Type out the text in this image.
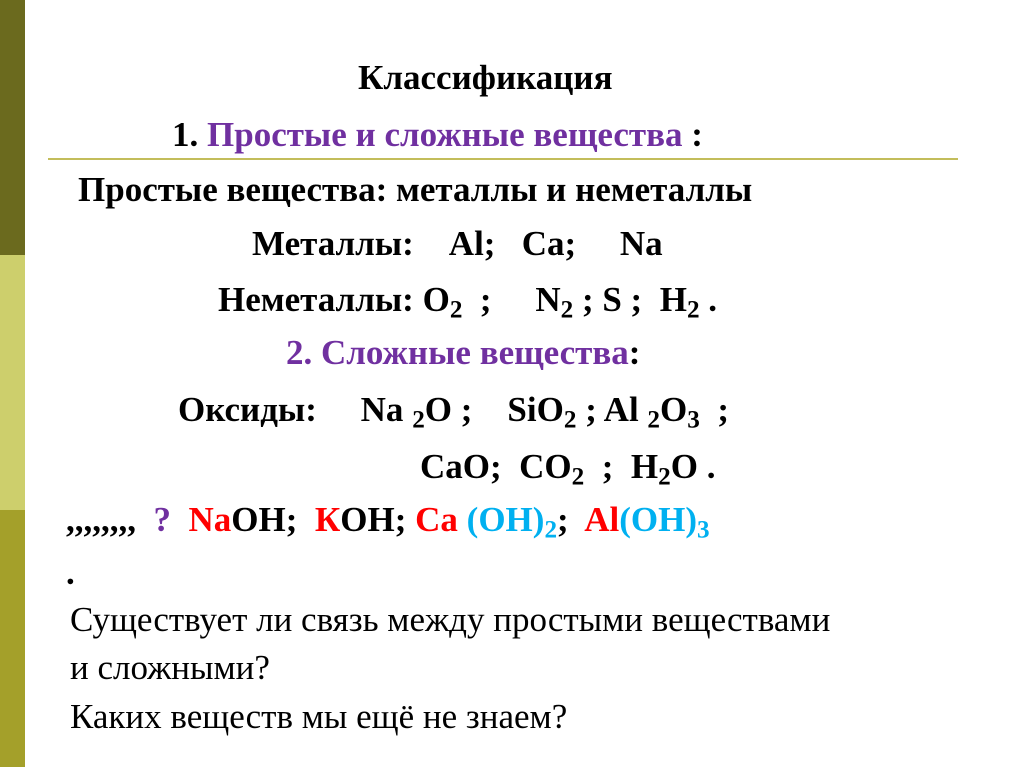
Классификация
1. Простые и сложные вещества :
Простые вещества: металлы и неметаллы
Металлы: Al; Ca; Na
Неметаллы: $O_2$ ; $N_2$ ; S ; $H_2$ .
2. Сложные вещества:
Оксиды: Na $_2$O ; SiO$_2$ ; Al $_2O_3$ ;
CaO; $CO_2$ ; $H_2O$ .
,,,,,,,, ? NaOH; КOH; Ca $(OH)_2$; $Al(OH)_3$
.
Существует ли связь между простыми веществами
и сложными?
Каких веществ мы ещё не знаем?
